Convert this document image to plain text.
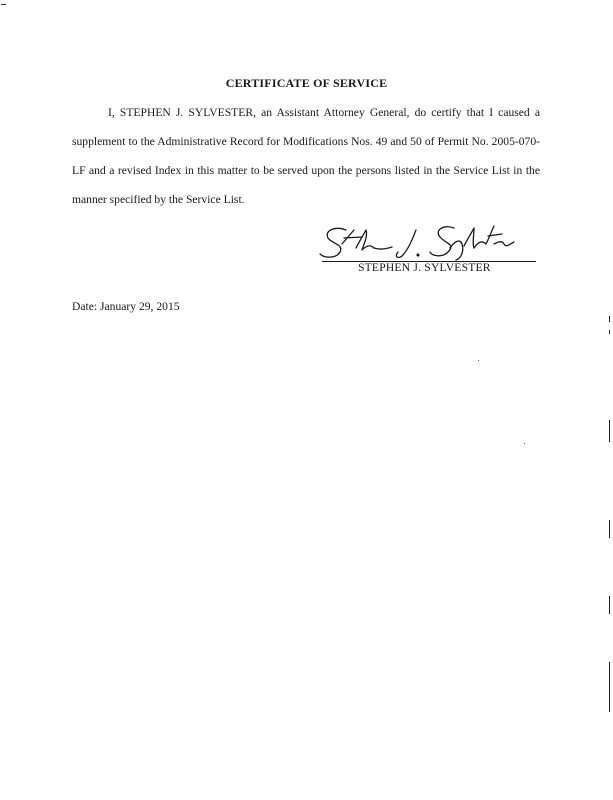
CERTIFICATE OF SERVICE

I, STEPHEN J. SYLVESTER, an Assistant Attorney General, do certify that I caused a supplement to the Administrative Record for Modifications Nos. 49 and 50 of Permit No. 2005-070-LF and a revised Index in this matter to be served upon the persons listed in the Service List in the manner specified by the Service List.

STEPHEN J. SYLVESTER
Date: January 29, 2015
